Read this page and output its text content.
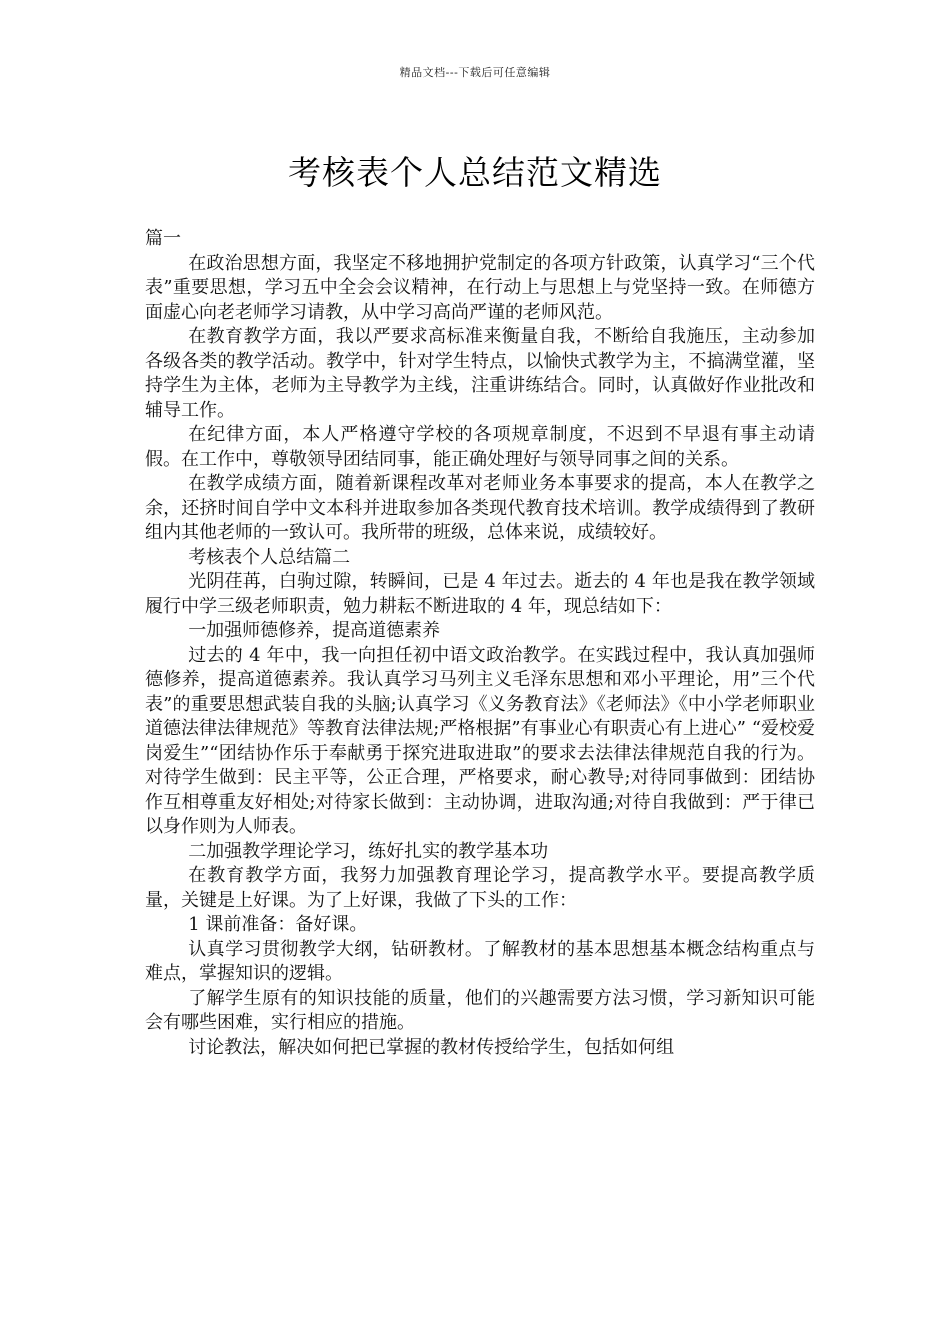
精品文档---下载后可任意编辑
考核表个人总结范文精选

篇一

在政治思想方面，我坚定不移地拥护党制定的各项方针政策，认真学习“三个代表”重要思想，学习五中全会会议精神，在行动上与思想上与党坚持一致。在师德方面虚心向老老师学习请教，从中学习高尚严谨的老师风范。

在教育教学方面，我以严要求高标准来衡量自我，不断给自我施压，主动参加各级各类的教学活动。教学中，针对学生特点，以愉快式教学为主，不搞满堂灌，坚持学生为主体，老师为主导教学为主线，注重讲练结合。同时，认真做好作业批改和辅导工作。

在纪律方面，本人严格遵守学校的各项规章制度，不迟到不早退有事主动请假。在工作中，尊敬领导团结同事，能正确处理好与领导同事之间的关系。

在教学成绩方面，随着新课程改革对老师业务本事要求的提高，本人在教学之余，还挤时间自学中文本科并进取参加各类现代教育技术培训。教学成绩得到了教研组内其他老师的一致认可。我所带的班级，总体来说，成绩较好。

考核表个人总结篇二

光阴荏苒，白驹过隙，转瞬间，已是 4 年过去。逝去的 4 年也是我在教学领域履行中学三级老师职责，勉力耕耘不断进取的 4 年，现总结如下：

一加强师德修养，提高道德素养

过去的 4 年中，我一向担任初中语文政治教学。在实践过程中，我认真加强师德修养，提高道德素养。我认真学习马列主义毛泽东思想和邓小平理论，用”三个代表”的重要思想武装自我的头脑;认真学习《义务教育法》《老师法》《中小学老师职业道德法律法律规范》等教育法律法规;严格根据”有事业心有职责心有上进心” “爱校爱岗爱生”“团结协作乐于奉献勇于探究进取进取”的要求去法律法律规范自我的行为。对待学生做到：民主平等，公正合理，严格要求，耐心教导;对待同事做到：团结协作互相尊重友好相处;对待家长做到：主动协调，进取沟通;对待自我做到：严于律已以身作则为人师表。

二加强教学理论学习，练好扎实的教学基本功

在教育教学方面，我努力加强教育理论学习，提高教学水平。要提高教学质量，关键是上好课。为了上好课，我做了下头的工作：

1 课前准备：备好课。

认真学习贯彻教学大纲，钻研教材。了解教材的基本思想基本概念结构重点与难点，掌握知识的逻辑。

了解学生原有的知识技能的质量，他们的兴趣需要方法习惯，学习新知识可能会有哪些困难，实行相应的措施。

讨论教法，解决如何把已掌握的教材传授给学生，包括如何组
